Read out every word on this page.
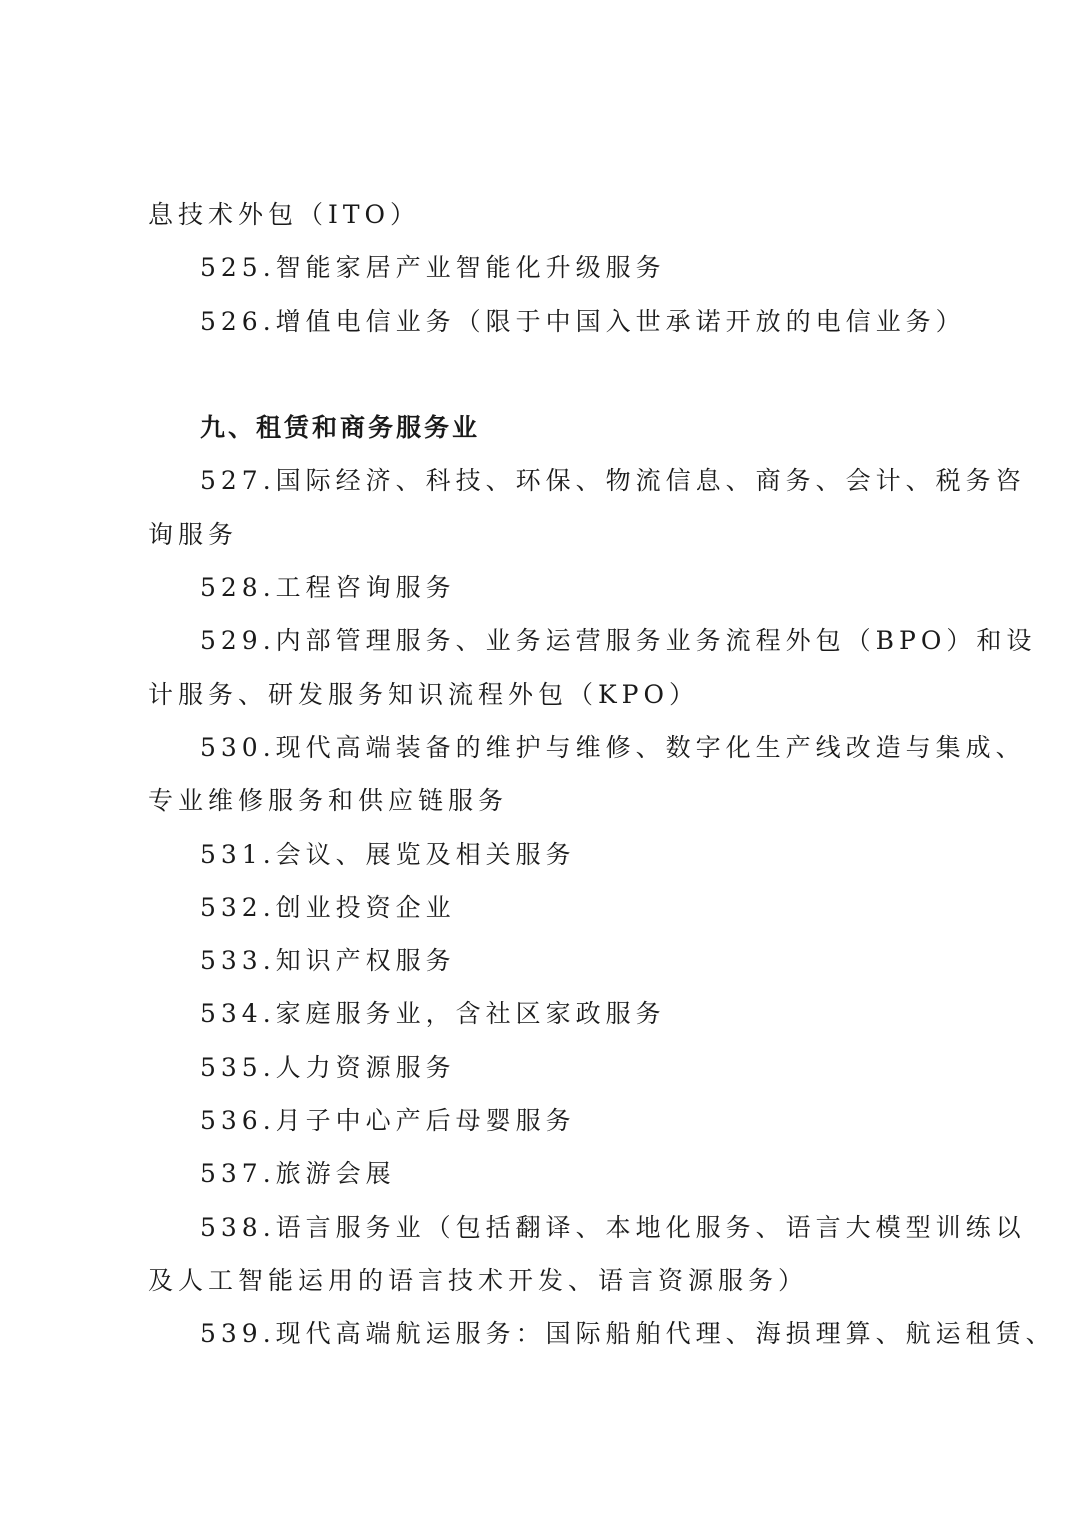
息技术外包（ITO）
525.智能家居产业智能化升级服务
526.增值电信业务（限于中国入世承诺开放的电信业务）
九、租赁和商务服务业
527.国际经济、科技、环保、物流信息、商务、会计、税务咨
询服务
528.工程咨询服务
529.内部管理服务、业务运营服务业务流程外包（BPO）和设
计服务、研发服务知识流程外包（KPO）
530.现代高端装备的维护与维修、数字化生产线改造与集成、
专业维修服务和供应链服务
531.会议、展览及相关服务
532.创业投资企业
533.知识产权服务
534.家庭服务业，含社区家政服务
535.人力资源服务
536.月子中心产后母婴服务
537.旅游会展
538.语言服务业（包括翻译、本地化服务、语言大模型训练以
及人工智能运用的语言技术开发、语言资源服务）
539.现代高端航运服务：国际船舶代理、海损理算、航运租赁、
